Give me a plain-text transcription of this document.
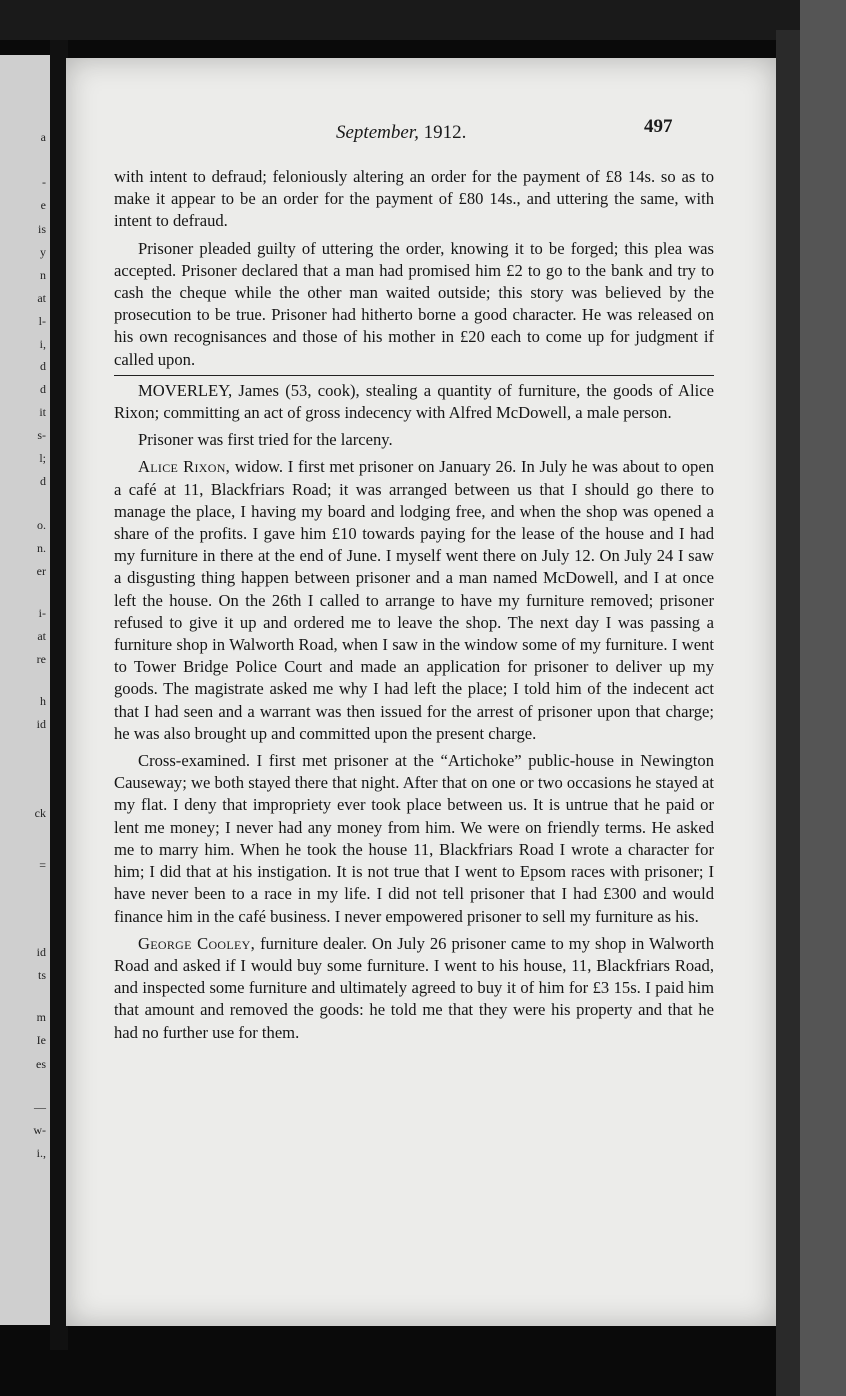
a
-
e
is
y
n
at
l-
i,
d
d
it
s-
l;
d
o.
n.
er
i-
at
re
h
id
ck
=
id
ts
m
Ie
es
—
w-
i.,
September, 1912.	497

with intent to defraud; feloniously altering an order for the payment of £8 14s. so as to make it appear to be an order for the payment of £80 14s., and uttering the same, with intent to defraud.

Prisoner pleaded guilty of uttering the order, knowing it to be forged; this plea was accepted. Prisoner declared that a man had promised him £2 to go to the bank and try to cash the cheque while the other man waited outside; this story was believed by the prosecution to be true. Prisoner had hitherto borne a good character. He was released on his own recognisances and those of his mother in £20 each to come up for judgment if called upon.

MOVERLEY, James (53, cook), stealing a quantity of furniture, the goods of Alice Rixon; committing an act of gross indecency with Alfred McDowell, a male person.

Prisoner was first tried for the larceny.

Alice Rixon, widow. I first met prisoner on January 26. In July he was about to open a café at 11, Blackfriars Road; it was arranged between us that I should go there to manage the place, I having my board and lodging free, and when the shop was opened a share of the profits. I gave him £10 towards paying for the lease of the house and I had my furniture in there at the end of June. I myself went there on July 12. On July 24 I saw a disgusting thing happen between prisoner and a man named McDowell, and I at once left the house. On the 26th I called to arrange to have my furniture removed; prisoner refused to give it up and ordered me to leave the shop. The next day I was passing a furniture shop in Walworth Road, when I saw in the window some of my furniture. I went to Tower Bridge Police Court and made an application for prisoner to deliver up my goods. The magistrate asked me why I had left the place; I told him of the indecent act that I had seen and a warrant was then issued for the arrest of prisoner upon that charge; he was also brought up and committed upon the present charge.

Cross-examined. I first met prisoner at the “Artichoke” public-house in Newington Causeway; we both stayed there that night. After that on one or two occasions he stayed at my flat. I deny that impropriety ever took place between us. It is untrue that he paid or lent me money; I never had any money from him. We were on friendly terms. He asked me to marry him. When he took the house 11, Blackfriars Road I wrote a character for him; I did that at his instigation. It is not true that I went to Epsom races with prisoner; I have never been to a race in my life. I did not tell prisoner that I had £300 and would finance him in the café business. I never empowered prisoner to sell my furniture as his.

George Cooley, furniture dealer. On July 26 prisoner came to my shop in Walworth Road and asked if I would buy some furniture. I went to his house, 11, Blackfriars Road, and inspected some furniture and ultimately agreed to buy it of him for £3 15s. I paid him that amount and removed the goods: he told me that they were his property and that he had no further use for them.
